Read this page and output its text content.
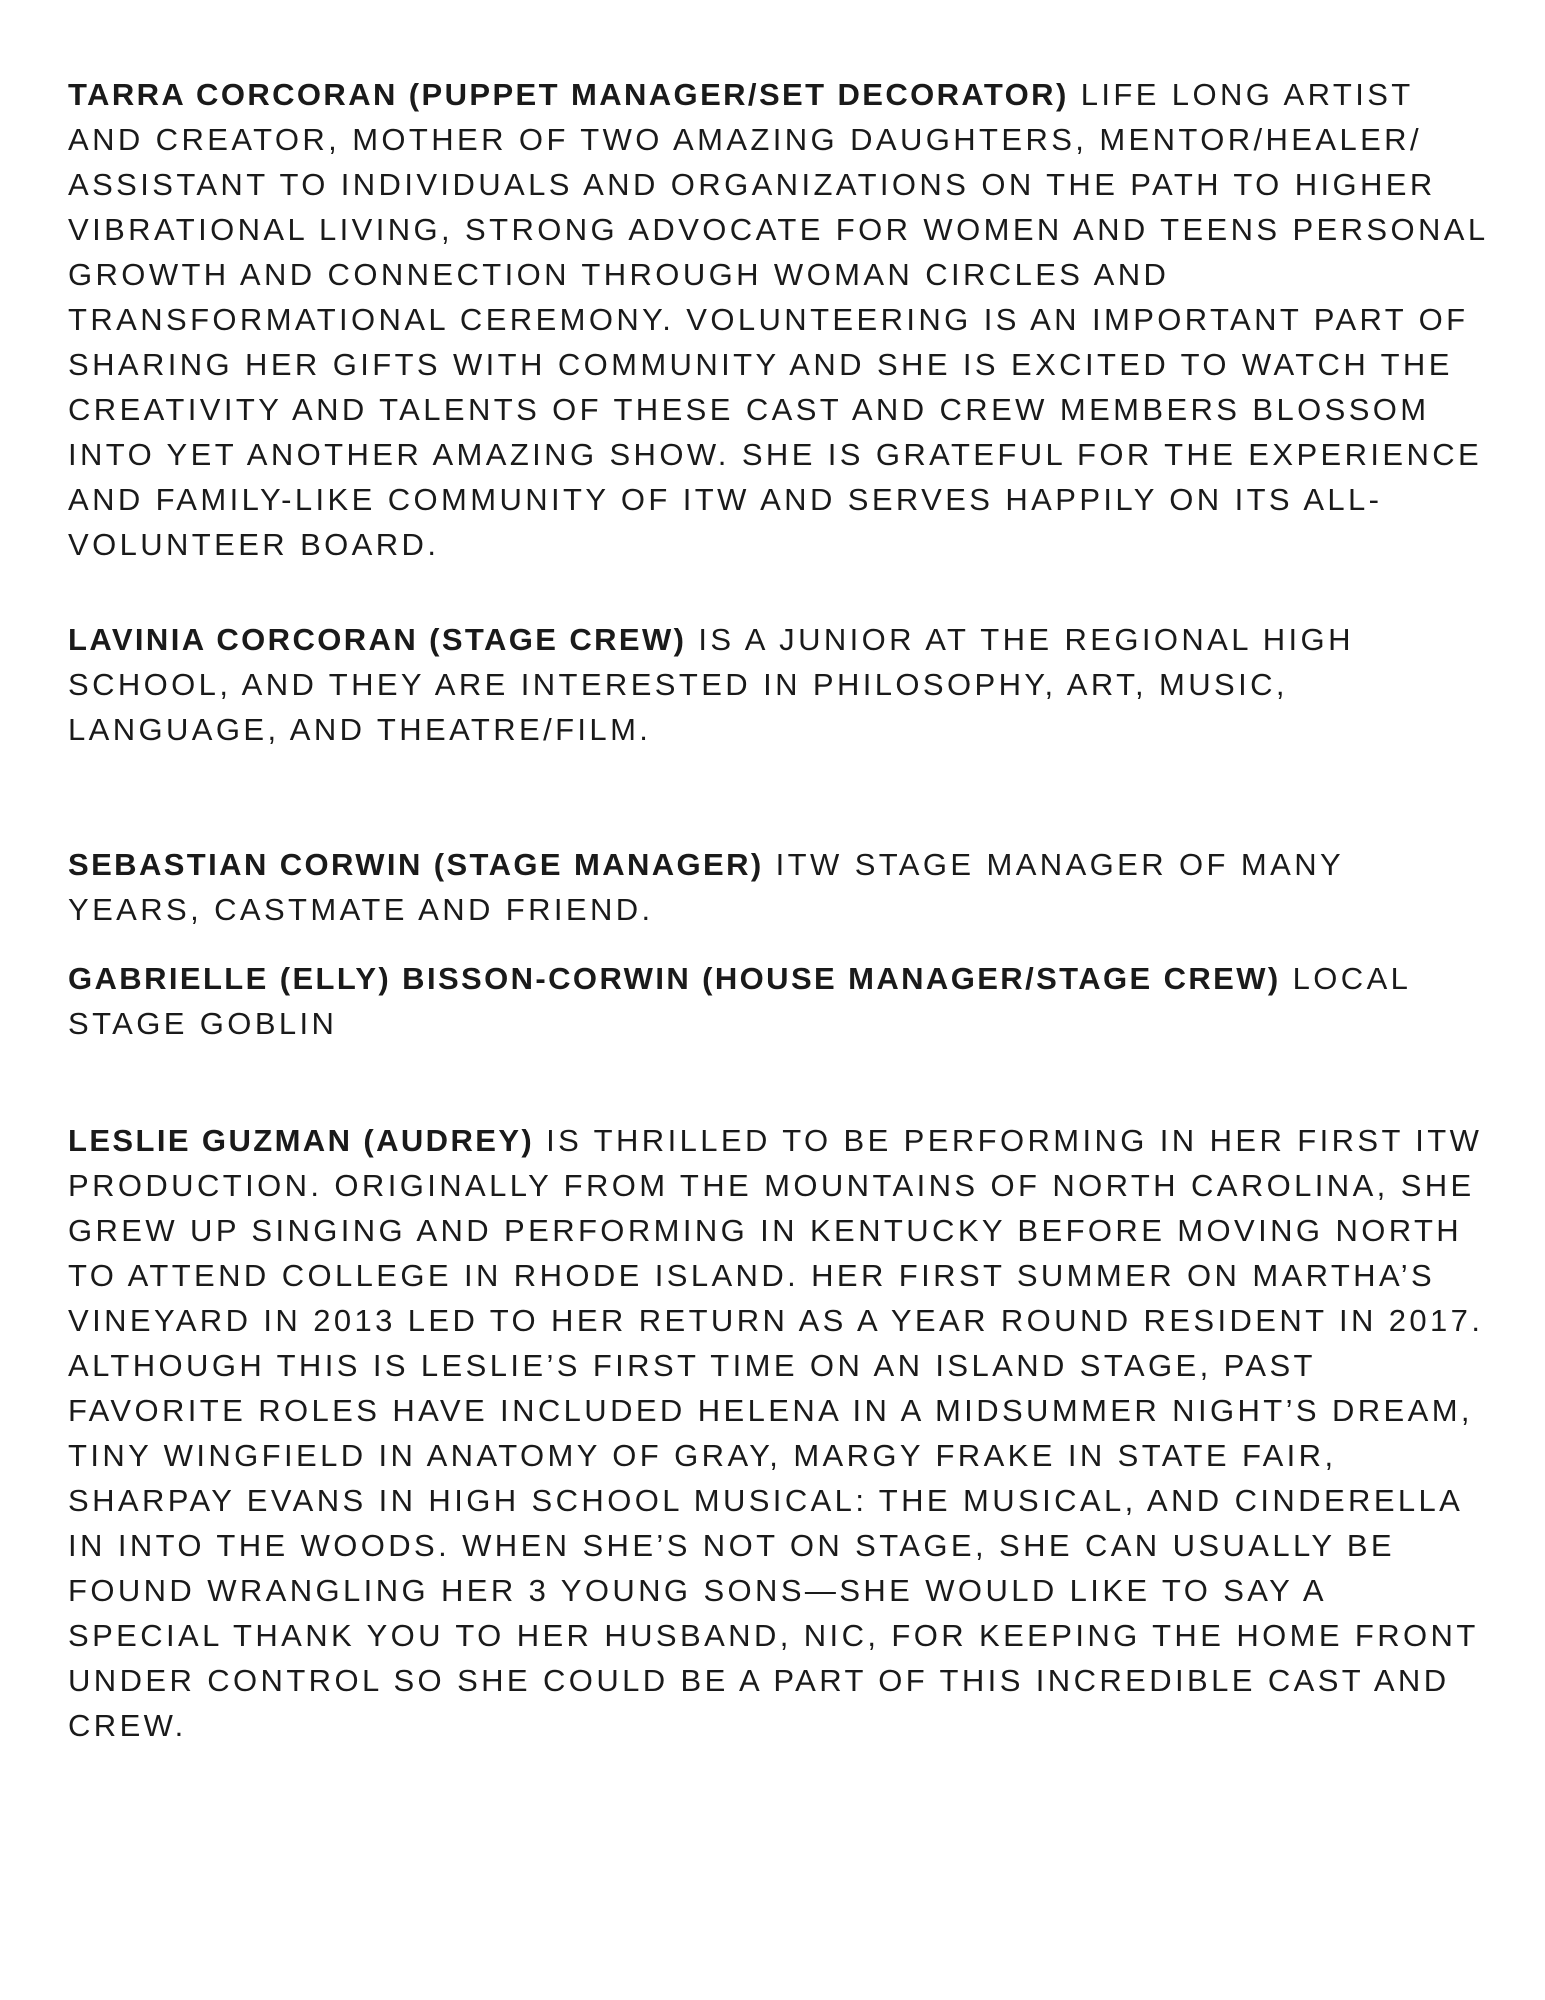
TARRA CORCORAN (PUPPET MANAGER/SET DECORATOR) LIFE LONG ARTIST AND CREATOR, MOTHER OF TWO AMAZING DAUGHTERS, MENTOR/HEALER/ ASSISTANT TO INDIVIDUALS AND ORGANIZATIONS ON THE PATH TO HIGHER VIBRATIONAL LIVING, STRONG ADVOCATE FOR WOMEN AND TEENS PERSONAL GROWTH AND CONNECTION THROUGH WOMAN CIRCLES AND TRANSFORMATIONAL CEREMONY. VOLUNTEERING IS AN IMPORTANT PART OF SHARING HER GIFTS WITH COMMUNITY AND SHE IS EXCITED TO WATCH THE CREATIVITY AND TALENTS OF THESE CAST AND CREW MEMBERS BLOSSOM INTO YET ANOTHER AMAZING SHOW. SHE IS GRATEFUL FOR THE EXPERIENCE AND FAMILY-LIKE COMMUNITY OF ITW AND SERVES HAPPILY ON ITS ALL-VOLUNTEER BOARD.

LAVINIA CORCORAN (STAGE CREW) IS A JUNIOR AT THE REGIONAL HIGH SCHOOL, AND THEY ARE INTERESTED IN PHILOSOPHY, ART, MUSIC, LANGUAGE, AND THEATRE/FILM.

SEBASTIAN CORWIN (STAGE MANAGER) ITW STAGE MANAGER OF MANY YEARS, CASTMATE AND FRIEND.

GABRIELLE (ELLY) BISSON-CORWIN (HOUSE MANAGER/STAGE CREW) LOCAL STAGE GOBLIN

LESLIE GUZMAN (AUDREY) IS THRILLED TO BE PERFORMING IN HER FIRST ITW PRODUCTION. ORIGINALLY FROM THE MOUNTAINS OF NORTH CAROLINA, SHE GREW UP SINGING AND PERFORMING IN KENTUCKY BEFORE MOVING NORTH TO ATTEND COLLEGE IN RHODE ISLAND. HER FIRST SUMMER ON MARTHA’S VINEYARD IN 2013 LED TO HER RETURN AS A YEAR ROUND RESIDENT IN 2017. ALTHOUGH THIS IS LESLIE’S FIRST TIME ON AN ISLAND STAGE, PAST FAVORITE ROLES HAVE INCLUDED HELENA IN A MIDSUMMER NIGHT’S DREAM, TINY WINGFIELD IN ANATOMY OF GRAY, MARGY FRAKE IN STATE FAIR, SHARPAY EVANS IN HIGH SCHOOL MUSICAL: THE MUSICAL, AND CINDERELLA IN INTO THE WOODS. WHEN SHE’S NOT ON STAGE, SHE CAN USUALLY BE FOUND WRANGLING HER 3 YOUNG SONS—SHE WOULD LIKE TO SAY A SPECIAL THANK YOU TO HER HUSBAND, NIC, FOR KEEPING THE HOME FRONT UNDER CONTROL SO SHE COULD BE A PART OF THIS INCREDIBLE CAST AND CREW.
